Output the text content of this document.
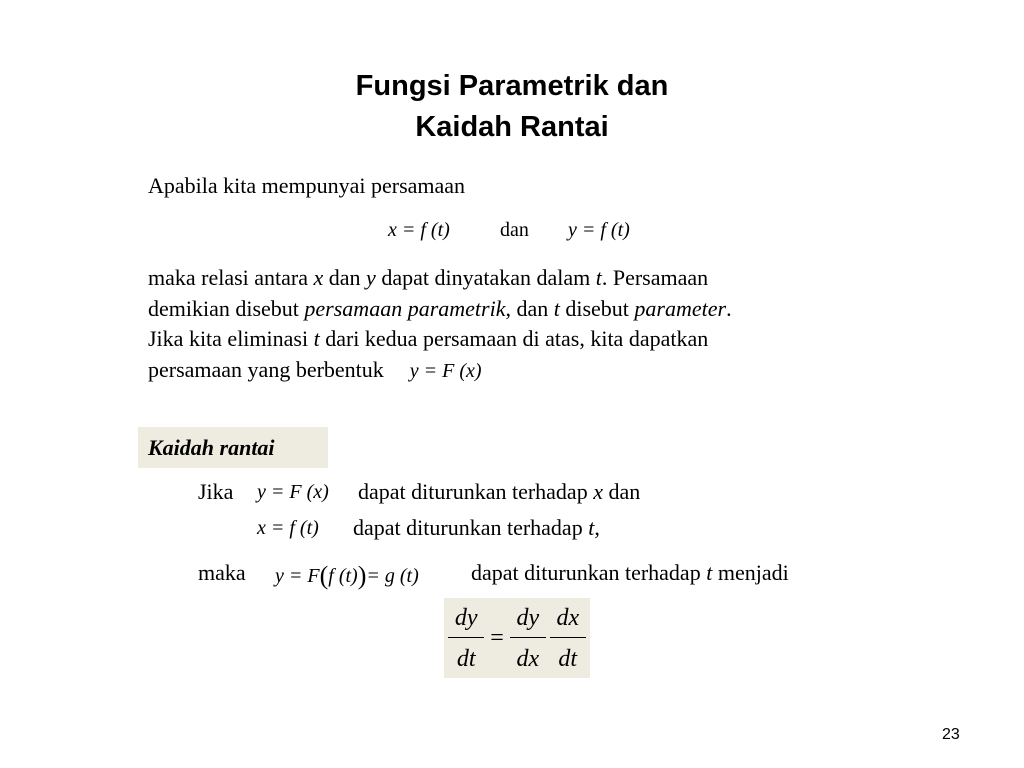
Fungsi Parametrik dan
Kaidah Rantai
Apabila kita mempunyai persamaan
x = f (t)	dan y = f (t)
maka relasi antara x dan y dapat dinyatakan dalam t. Persamaan
demikian disebut persamaan parametrik, dan t disebut parameter.
Jika kita eliminasi t dari kedua persamaan di atas, kita dapatkan
persamaan yang berbentuk y = F (x)
Kaidah rantai
Jika y = F (x) dapat diturunkan terhadap x dan
x = f (t) dapat diturunkan terhadap t,
maka y = F(f (t))= g (t) dapat diturunkan terhadap t menjadi
$\frac{dy}{dt} = \frac{dy}{dx} \frac{dx}{dt}$
23
